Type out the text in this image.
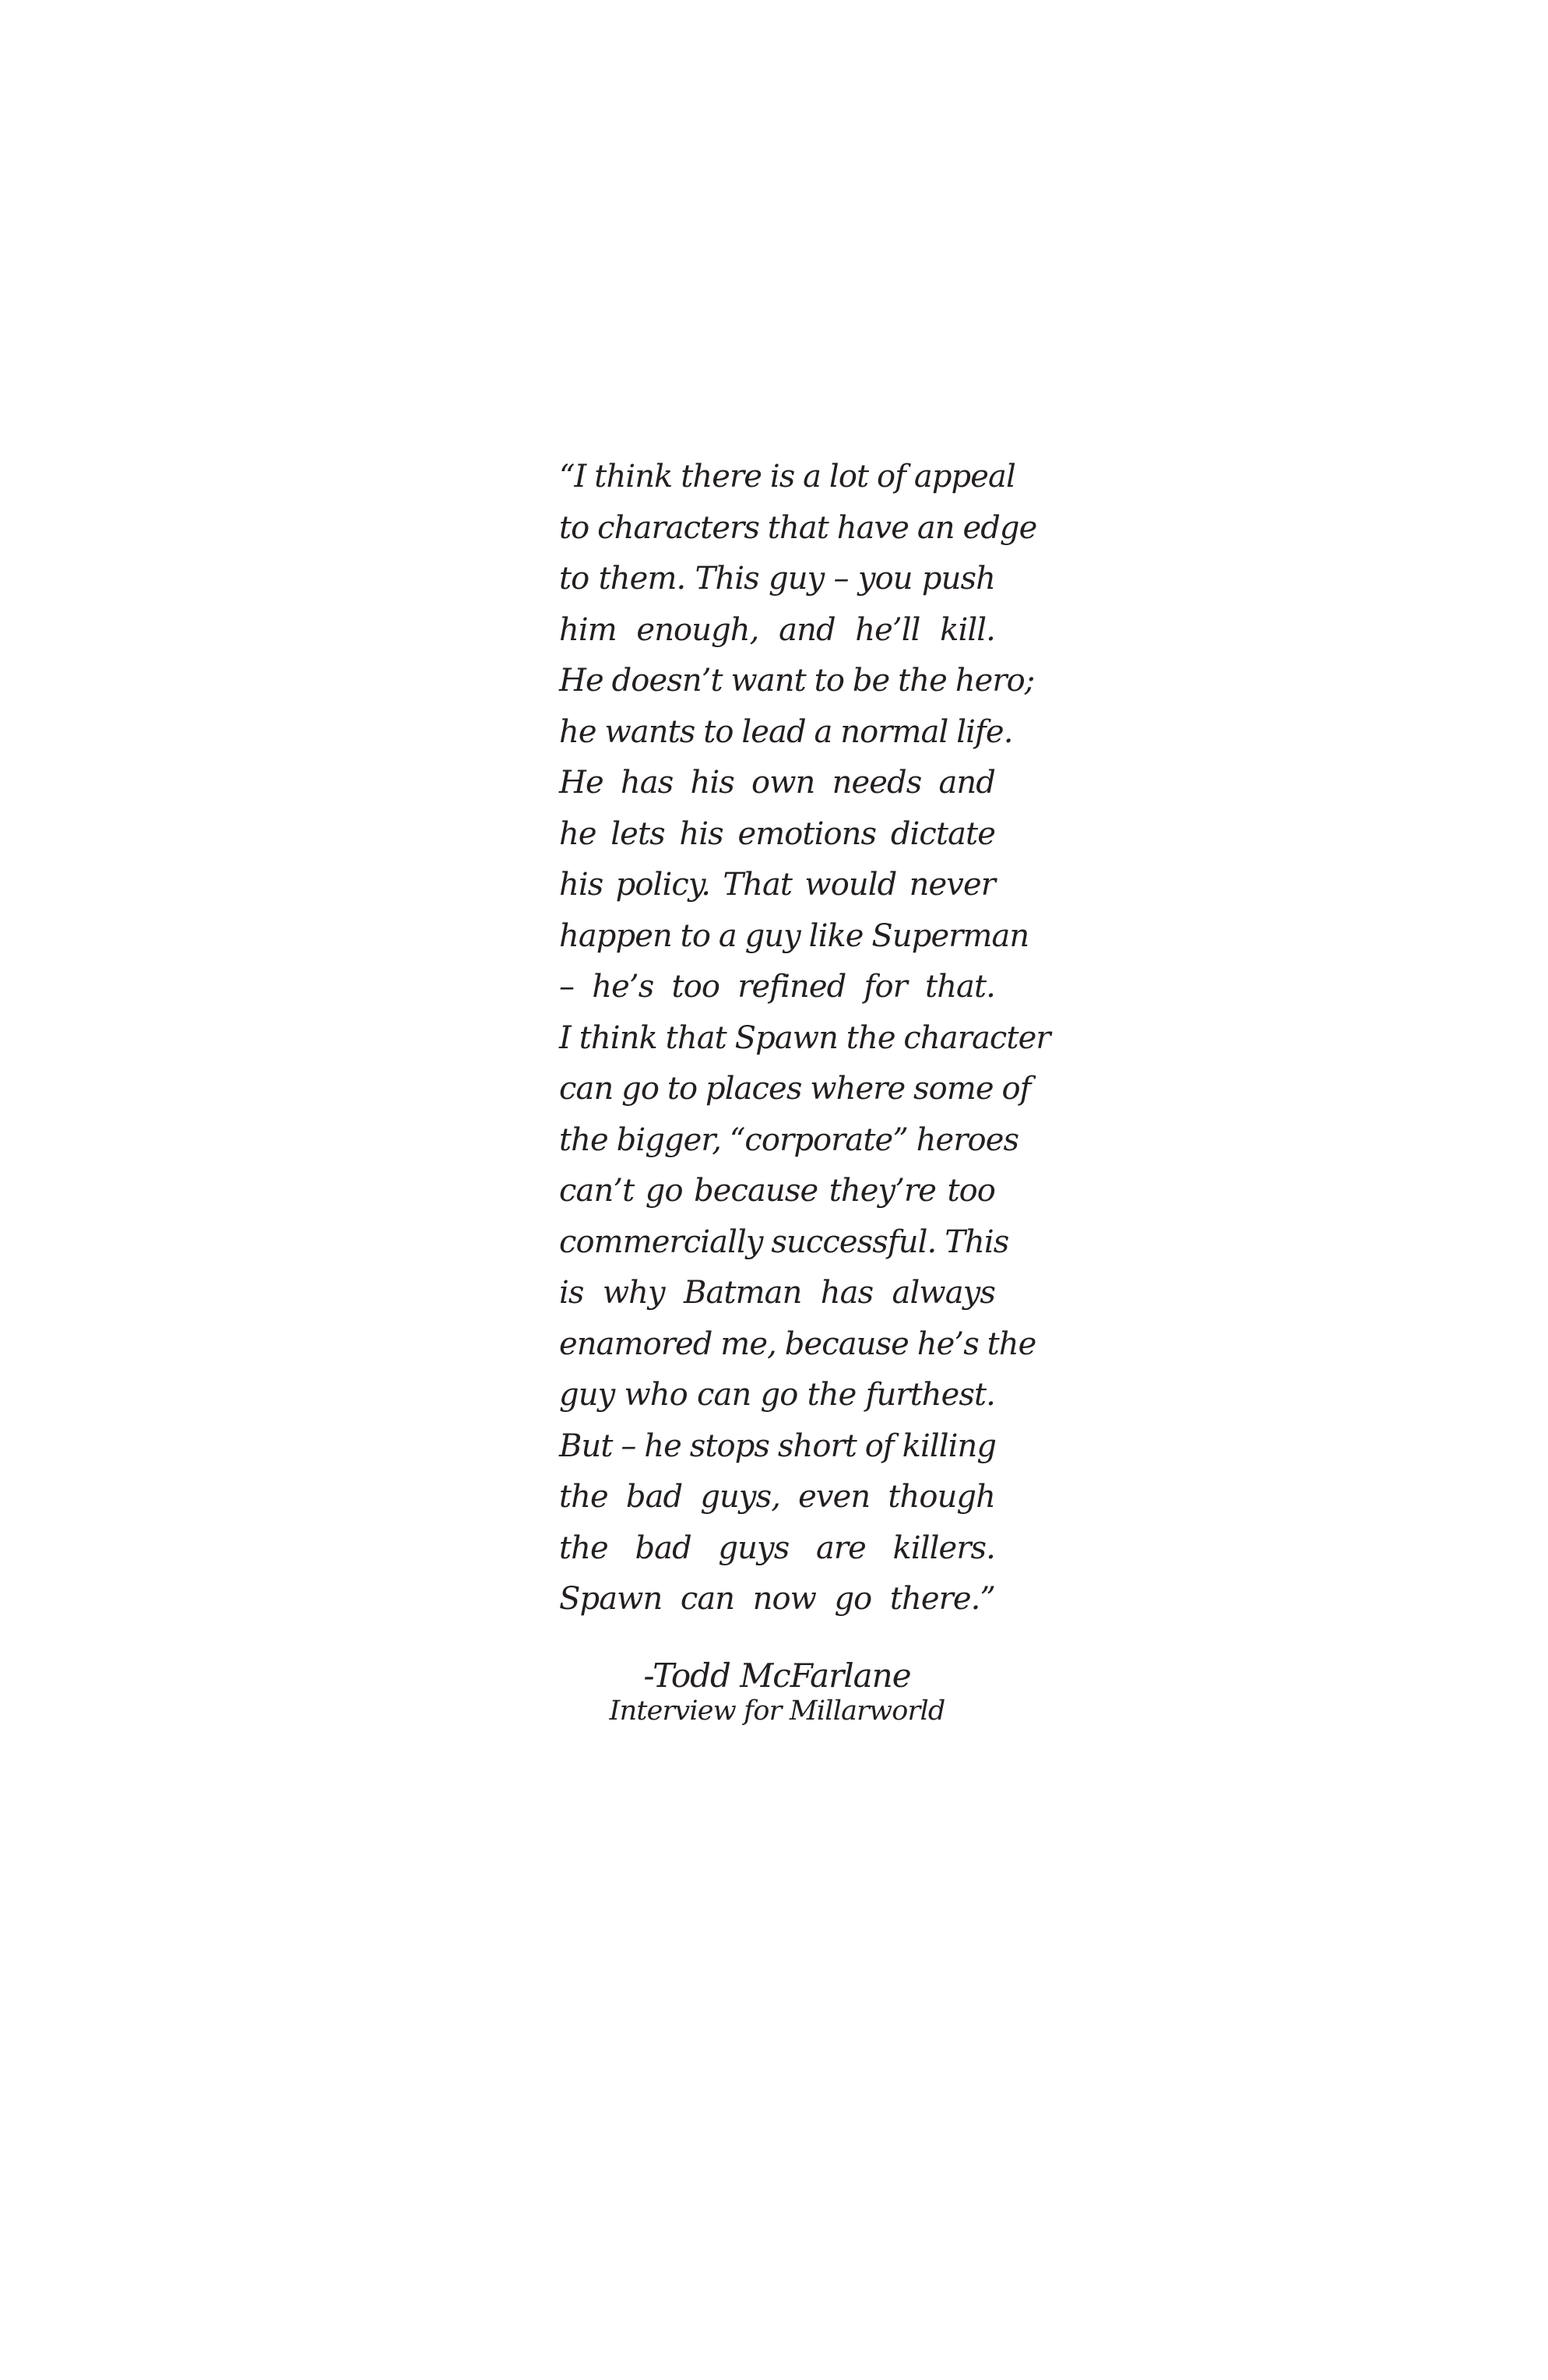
“I think there is a lot of appeal
to characters that have an edge
to them. This guy – you push
him enough, and he’ll kill.
He doesn’t want to be the hero;
he wants to lead a normal life.
He has his own needs and
he lets his emotions dictate
his policy. That would never
happen to a guy like Superman
– he’s too refined for that.
I think that Spawn the character
can go to places where some of
the bigger, “corporate” heroes
can’t go because they’re too
commercially successful. This
is why Batman has always
enamored me, because he’s the
guy who can go the furthest.
But – he stops short of killing
the bad guys, even though
the bad guys are killers.
Spawn can now go there.”
-Todd McFarlane
Interview for Millarworld
